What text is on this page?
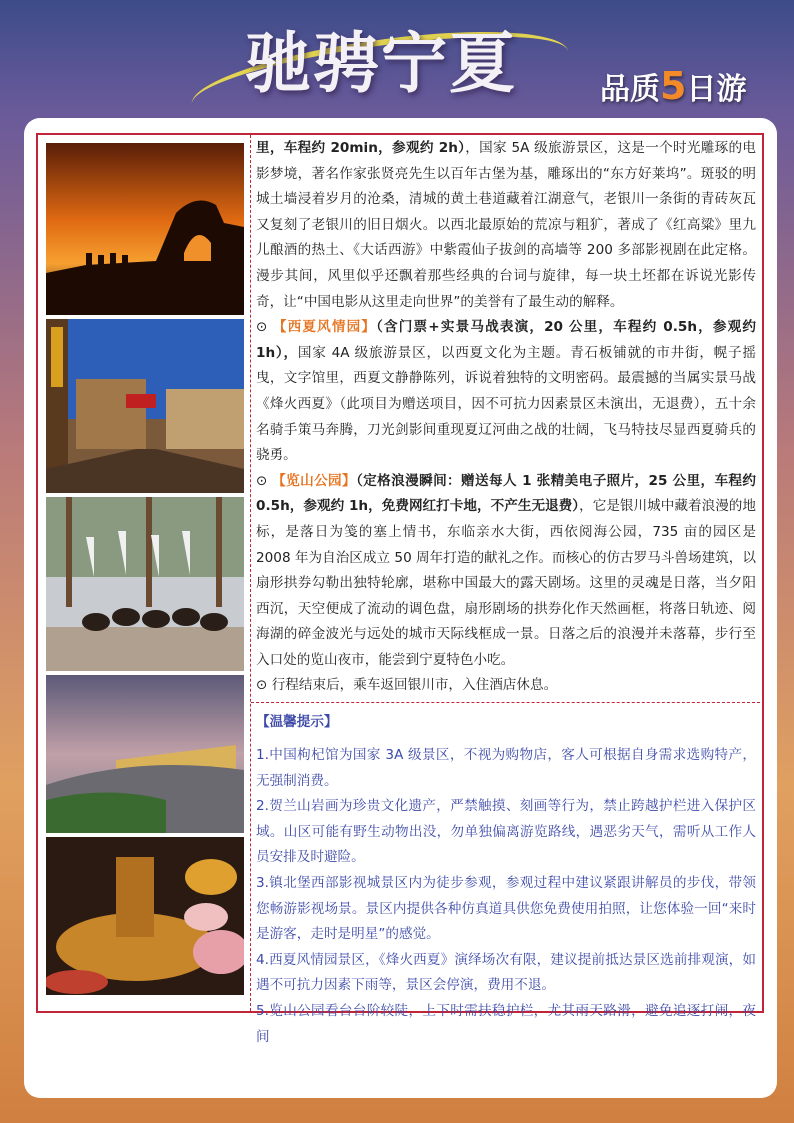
驰骋宁夏	品质5日游

里，车程约 20min，参观约 2h），国家 5A 级旅游景区，这是一个时光雕琢的电影梦境，著名作家张贤亮先生以百年古堡为基，雕琢出的“东方好莱坞”。斑驳的明城土墙浸着岁月的沧桑，清城的黄土巷道藏着江湖意气，老银川一条街的青砖灰瓦又复刻了老银川的旧日烟火。以西北最原始的荒凉与粗犷，著成了《红高粱》里九儿酿酒的热土、《大话西游》中紫霞仙子拔剑的高墙等 200 多部影视剧在此定格。漫步其间，风里似乎还飘着那些经典的台词与旋律，每一块土坯都在诉说光影传奇，让“中国电影从这里走向世界”的美誉有了最生动的解释。

⊙ 【西夏风情园】（含门票+实景马战表演，20 公里，车程约 0.5h，参观约 1h），国家 4A 级旅游景区，以西夏文化为主题。青石板铺就的市井街，幌子摇曳，文字馆里，西夏文静静陈列，诉说着独特的文明密码。最震撼的当属实景马战《烽火西夏》（此项目为赠送项目，因不可抗力因素景区未演出，无退费），五十余名骑手策马奔腾，刀光剑影间重现夏辽河曲之战的壮阔，飞马特技尽显西夏骑兵的骁勇。

⊙ 【览山公园】（定格浪漫瞬间：赠送每人 1 张精美电子照片，25 公里，车程约 0.5h，参观约 1h，免费网红打卡地，不产生无退费），它是银川城中藏着浪漫的地标，是落日为笺的塞上情书，东临亲水大街，西依阅海公园，735 亩的园区是 2008 年为自治区成立 50 周年打造的献礼之作。而核心的仿古罗马斗兽场建筑，以扇形拱券勾勒出独特轮廓，堪称中国最大的露天剧场。这里的灵魂是日落，当夕阳西沉，天空便成了流动的调色盘，扇形剧场的拱券化作天然画框，将落日轨迹、阅海湖的碎金波光与远处的城市天际线框成一景。日落之后的浪漫并未落幕，步行至入口处的览山夜市，能尝到宁夏特色小吃。

⊙ 行程结束后，乘车返回银川市，入住酒店休息。

【温馨提示】

1.中国枸杞馆为国家 3A 级景区，不视为购物店，客人可根据自身需求选购特产，无强制消费。

2.贺兰山岩画为珍贵文化遗产，严禁触摸、刻画等行为，禁止跨越护栏进入保护区域。山区可能有野生动物出没，勿单独偏离游览路线，遇恶劣天气，需听从工作人员安排及时避险。

3.镇北堡西部影视城景区内为徒步参观，参观过程中建议紧跟讲解员的步伐，带领您畅游影视场景。景区内提供各种仿真道具供您免费使用拍照，让您体验一回“来时是游客，走时是明星”的感觉。

4.西夏风情园景区，《烽火西夏》演绎场次有限，建议提前抵达景区选前排观演，如遇不可抗力因素下雨等，景区会停演，费用不退。

5.览山公园看台台阶较陡，上下时需扶稳护栏，尤其雨天路滑，避免追逐打闹，夜间
